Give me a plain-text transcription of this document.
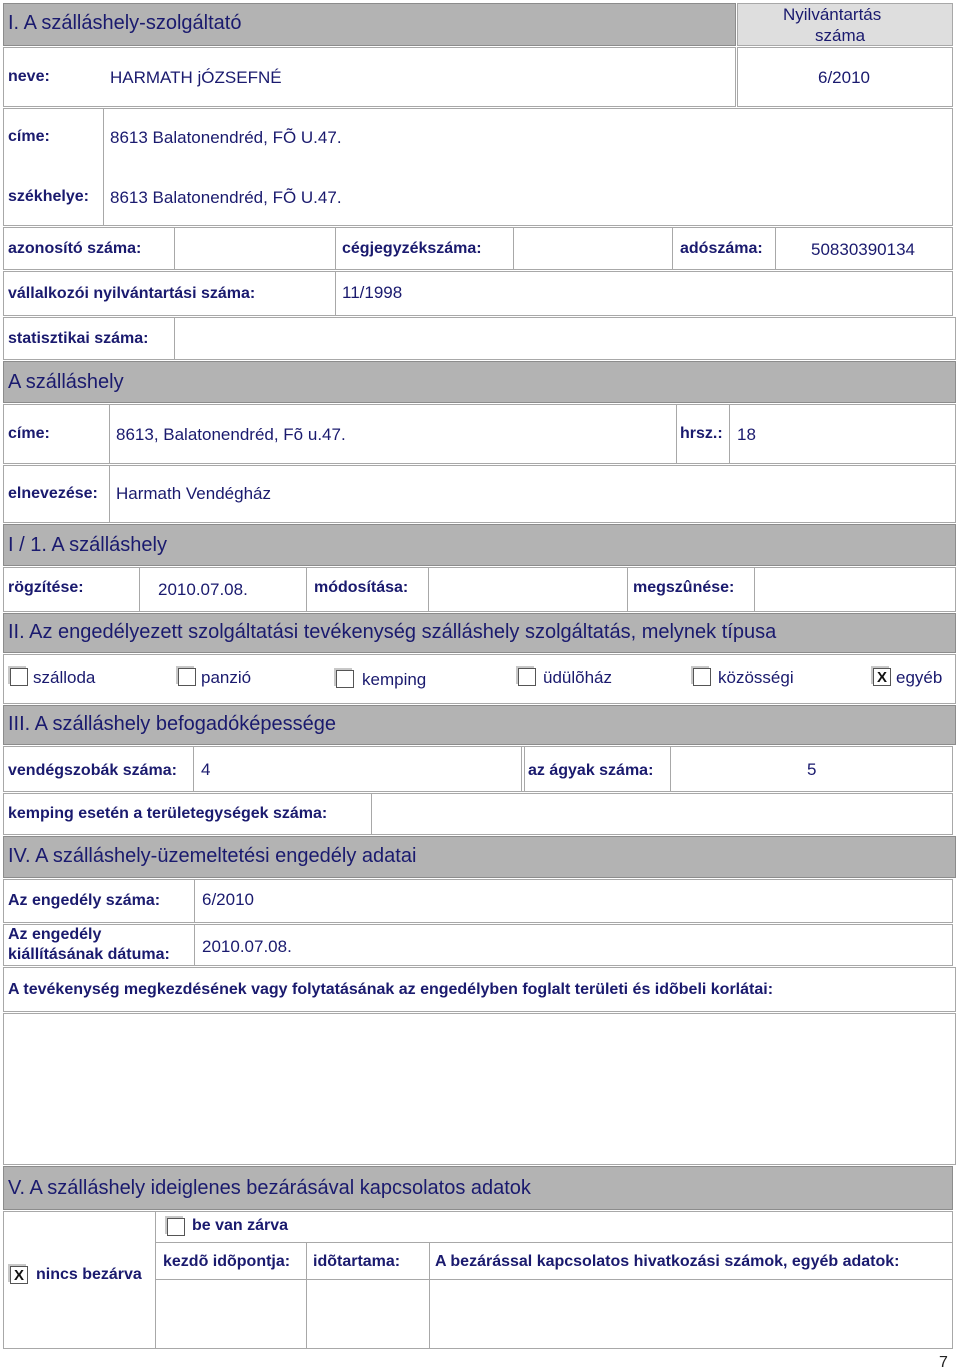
I. A szálláshely-szolgáltató	Nyilvántartás
száma
neve:	HARMATH jÓZSEFNÉ	6/2010
címe:	8613 Balatonendréd, FÕ U.47.
székhelye: 8613 Balatonendréd, FÕ U.47.
azonosító száma:	cégjegyzékszáma:	adószáma:	50830390134
vállalkozói nyilvántartási száma:	11/1998
statisztikai száma:
A szálláshely
címe:	8613, Balatonendréd, Fõ u.47.	hrsz.: 18
elnevezése: Harmath Vendégház
I / 1. A szálláshely
rögzítése:	2010.07.08.	módosítása:	megszûnése:
II. Az engedélyezett szolgáltatási tevékenység szálláshely szolgáltatás, melynek típusa
szálloda	panzió	kemping	üdülõház	közösségi	X egyéb
III. A szálláshely befogadóképessége
vendégszobák száma: 4	az ágyak száma:	5
kemping esetén a területegységek száma:
IV. A szálláshely-üzemeltetési engedély adatai
Az engedély száma: 6/2010
Az engedély
kiállításának dátuma: 2010.07.08.
A tevékenység megkezdésének vagy folytatásának az engedélyben foglalt területi és idõbeli korlátai:
V. A szálláshely ideiglenes bezárásával kapcsolatos adatok
be van zárva
X nincs bezárva
kezdõ idõpontja: idõtartama: A bezárással kapcsolatos hivatkozási számok, egyéb adatok:
7
